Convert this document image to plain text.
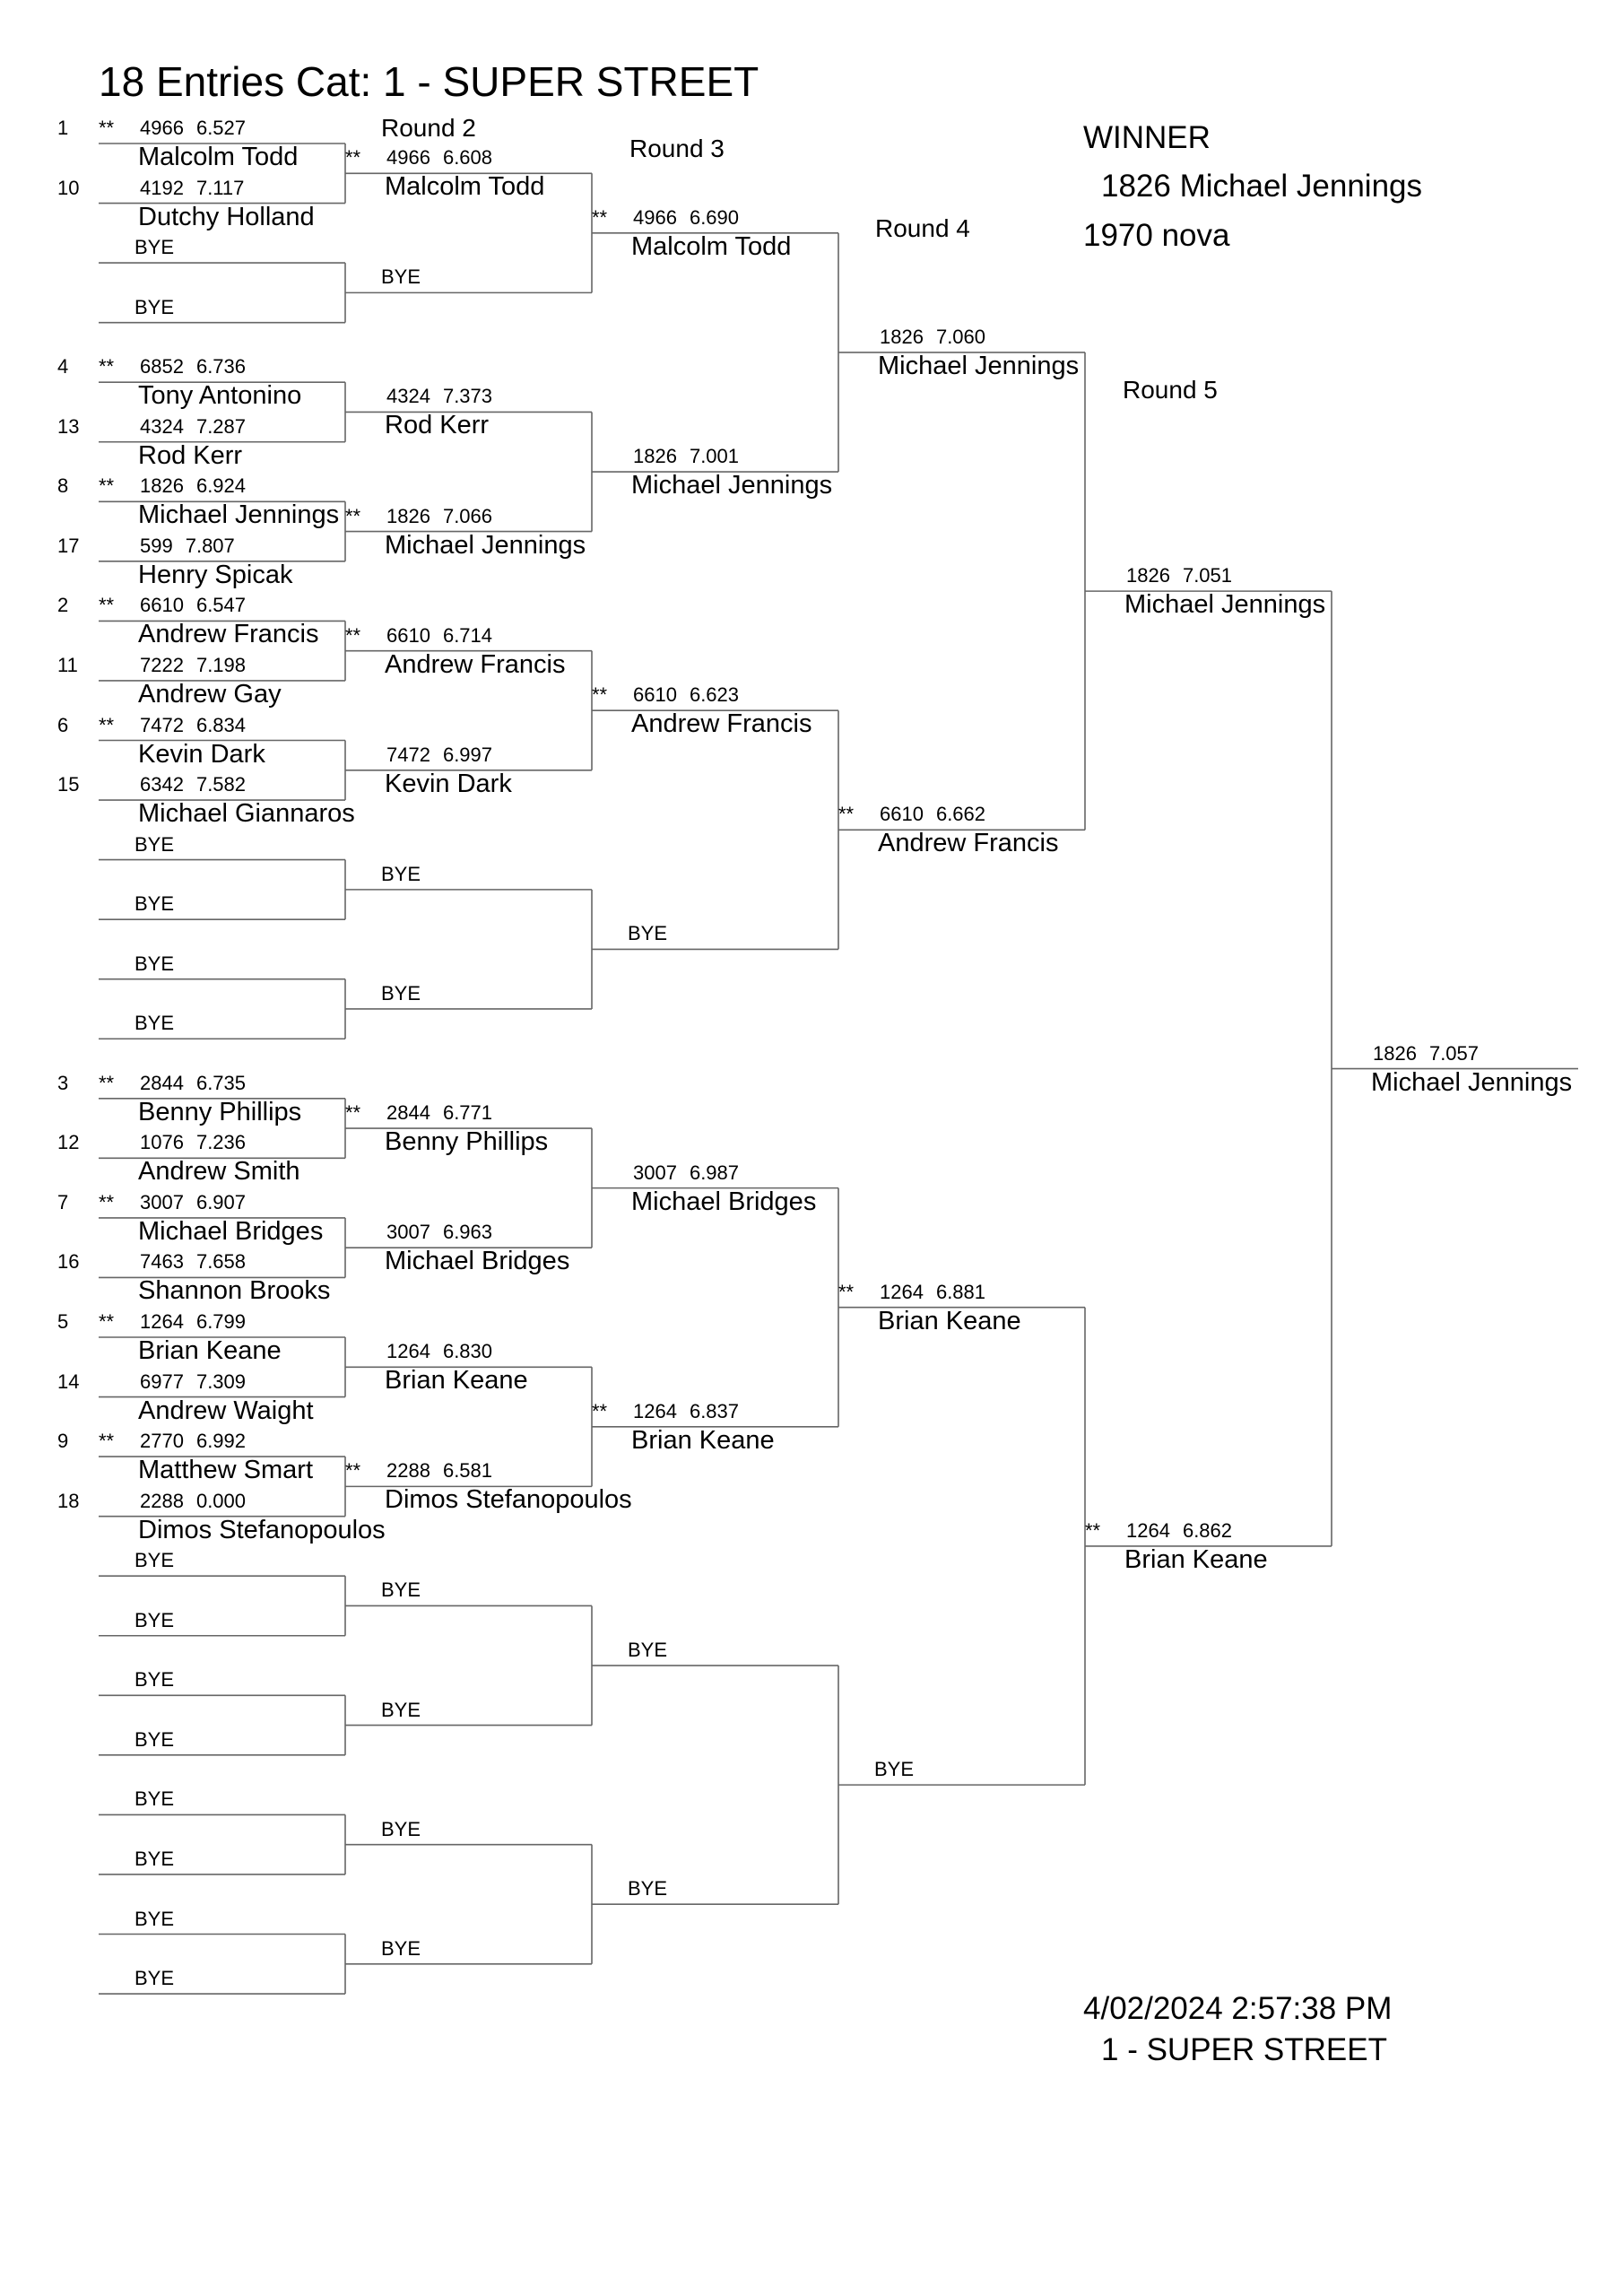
1 ** 4966 6.527
Malcolm Todd
10	4192 7.117
Dutchy Holland
BYE
BYE
4 ** 6852 6.736
Tony Antonino
13	4324 7.287
Rod Kerr
8 ** 1826 6.924
Michael Jennings
17	599 7.807
Henry Spicak
2 ** 6610 6.547
Andrew Francis
11	7222 7.198
Andrew Gay
6 ** 7472 6.834
Kevin Dark
15	6342 7.582
Michael Giannaros
BYE
BYE
BYE
BYE
3 ** 2844 6.735
Benny Phillips
12	1076 7.236
Andrew Smith
7 ** 3007 6.907
Michael Bridges
16	7463 7.658
Shannon Brooks
5 ** 1264 6.799
Brian Keane
14	6977 7.309
Andrew Waight
9 ** 2770 6.992
Matthew Smart
18	2288 0.000
Dimos Stefanopoulos
BYE
BYE
BYE
BYE
BYE
BYE
BYE
BYE
** 4966 6.608
Malcolm Todd
BYE
4324 7.373
Rod Kerr
** 1826 7.066
Michael Jennings
** 6610 6.714
Andrew Francis
7472 6.997
Kevin Dark
BYE
BYE
** 2844 6.771
Benny Phillips
3007 6.963
Michael Bridges
1264 6.830
Brian Keane
** 2288 6.581
Dimos Stefanopoulos
BYE
BYE
BYE
BYE
** 4966 6.690
Malcolm Todd
1826 7.001
Michael Jennings
** 6610 6.623
Andrew Francis
BYE
3007 6.987
Michael Bridges
** 1264 6.837
Brian Keane
BYE
BYE
1826 7.060
Michael Jennings
** 6610 6.662
Andrew Francis
** 1264 6.881
Brian Keane
BYE
1826 7.051
Michael Jennings
** 1264 6.862
Brian Keane
1826 7.057
Michael Jennings
18 Entries Cat: 1 - SUPER STREET
Round 2
Round 3
Round 4
Round 5
WINNER
1826 Michael Jennings
1970 nova
4/02/2024 2:57:38 PM
1 - SUPER STREET
